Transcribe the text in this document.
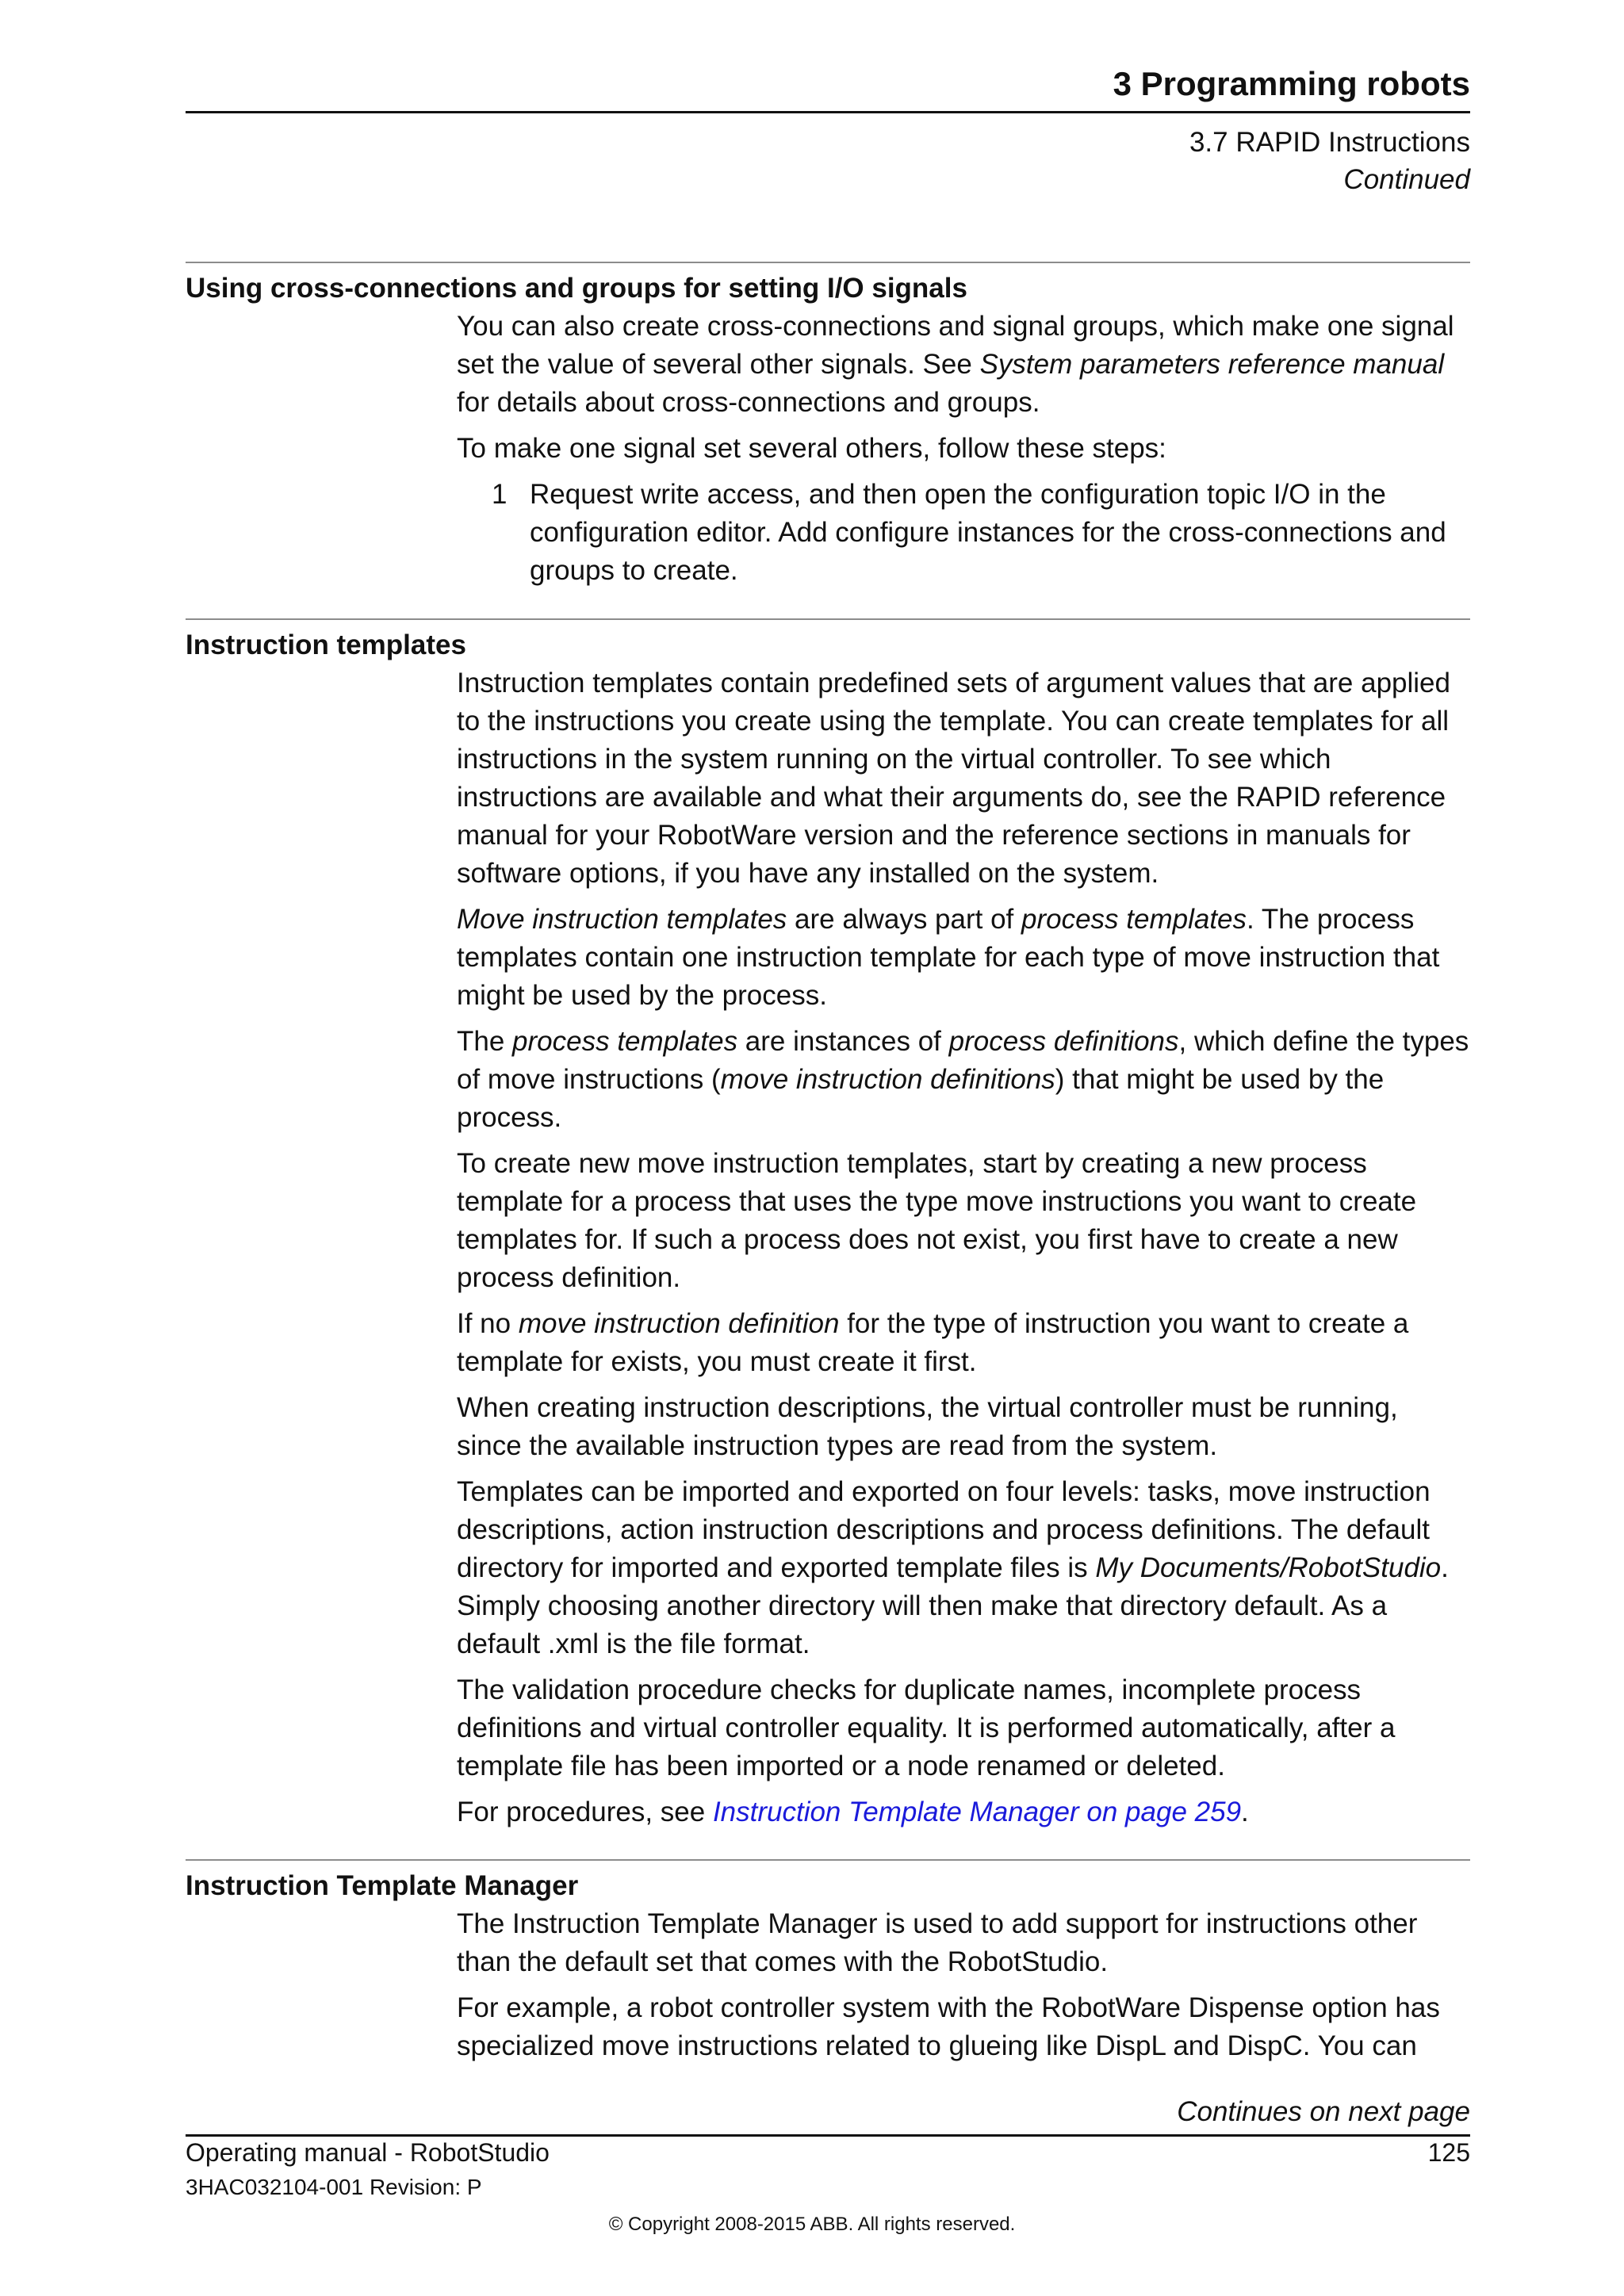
3 Programming robots
3.7 RAPID Instructions
Continued
Using cross-connections and groups for setting I/O signals

You can also create cross-connections and signal groups, which make one signal set the value of several other signals. See System parameters reference manual for details about cross-connections and groups.

To make one signal set several others, follow these steps:

1 Request write access, and then open the configuration topic I/O in the configuration editor. Add configure instances for the cross-connections and groups to create.
Instruction templates

Instruction templates contain predefined sets of argument values that are applied to the instructions you create using the template. You can create templates for all instructions in the system running on the virtual controller. To see which instructions are available and what their arguments do, see the RAPID reference manual for your RobotWare version and the reference sections in manuals for software options, if you have any installed on the system.

Move instruction templates are always part of process templates. The process templates contain one instruction template for each type of move instruction that might be used by the process.

The process templates are instances of process definitions, which define the types of move instructions (move instruction definitions) that might be used by the process.

To create new move instruction templates, start by creating a new process template for a process that uses the type move instructions you want to create templates for. If such a process does not exist, you first have to create a new process definition.

If no move instruction definition for the type of instruction you want to create a template for exists, you must create it first.

When creating instruction descriptions, the virtual controller must be running, since the available instruction types are read from the system.

Templates can be imported and exported on four levels: tasks, move instruction descriptions, action instruction descriptions and process definitions. The default directory for imported and exported template files is My Documents/RobotStudio. Simply choosing another directory will then make that directory default. As a default .xml is the file format.

The validation procedure checks for duplicate names, incomplete process definitions and virtual controller equality. It is performed automatically, after a template file has been imported or a node renamed or deleted.

For procedures, see Instruction Template Manager on page 259.

Instruction Template Manager

The Instruction Template Manager is used to add support for instructions other than the default set that comes with the RobotStudio.

For example, a robot controller system with the RobotWare Dispense option has specialized move instructions related to glueing like DispL and DispC. You can

Continues on next page
Operating manual - RobotStudio	125
3HAC032104-001 Revision: P
© Copyright 2008-2015 ABB. All rights reserved.
